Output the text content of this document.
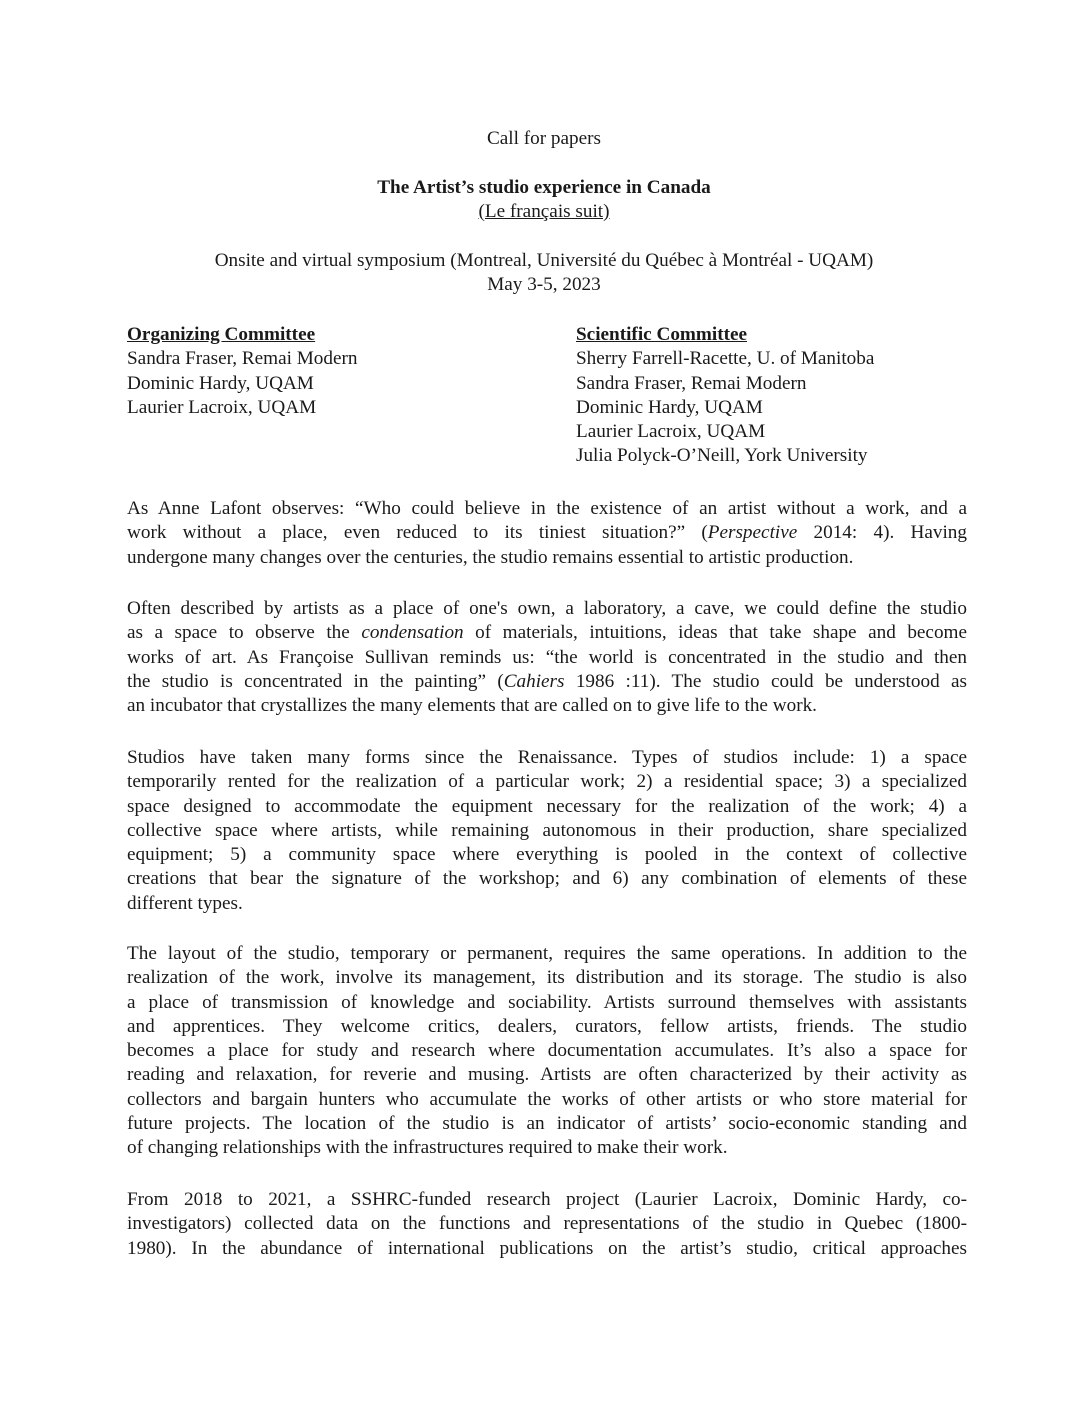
Call for papers
The Artist’s studio experience in Canada
(Le français suit)
Onsite and virtual symposium (Montreal, Université du Québec à Montréal - UQAM)
May 3-5, 2023
Organizing Committee
Sandra Fraser, Remai Modern
Dominic Hardy, UQAM
Laurier Lacroix, UQAM
Scientific Committee
Sherry Farrell-Racette, U. of Manitoba
Sandra Fraser, Remai Modern
Dominic Hardy, UQAM
Laurier Lacroix, UQAM
Julia Polyck-O’Neill, York University
As Anne Lafont observes: “Who could believe in the existence of an artist without a work, and a
work without a place, even reduced to its tiniest situation?” (Perspective 2014: 4). Having
undergone many changes over the centuries, the studio remains essential to artistic production.
Often described by artists as a place of one's own, a laboratory, a cave, we could define the studio
as a space to observe the condensation of materials, intuitions, ideas that take shape and become
works of art. As Françoise Sullivan reminds us: “the world is concentrated in the studio and then
the studio is concentrated in the painting” (Cahiers 1986 :11). The studio could be understood as
an incubator that crystallizes the many elements that are called on to give life to the work.
Studios have taken many forms since the Renaissance. Types of studios include: 1) a space
temporarily rented for the realization of a particular work; 2) a residential space; 3) a specialized
space designed to accommodate the equipment necessary for the realization of the work; 4) a
collective space where artists, while remaining autonomous in their production, share specialized
equipment; 5) a community space where everything is pooled in the context of collective
creations that bear the signature of the workshop; and 6) any combination of elements of these
different types.
The layout of the studio, temporary or permanent, requires the same operations. In addition to the
realization of the work, involve its management, its distribution and its storage. The studio is also
a place of transmission of knowledge and sociability. Artists surround themselves with assistants
and apprentices. They welcome critics, dealers, curators, fellow artists, friends. The studio
becomes a place for study and research where documentation accumulates. It’s also a space for
reading and relaxation, for reverie and musing. Artists are often characterized by their activity as
collectors and bargain hunters who accumulate the works of other artists or who store material for
future projects. The location of the studio is an indicator of artists’ socio-economic standing and
of changing relationships with the infrastructures required to make their work.
From 2018 to 2021, a SSHRC-funded research project (Laurier Lacroix, Dominic Hardy, co-
investigators) collected data on the functions and representations of the studio in Quebec (1800-
1980). In the abundance of international publications on the artist’s studio, critical approaches
